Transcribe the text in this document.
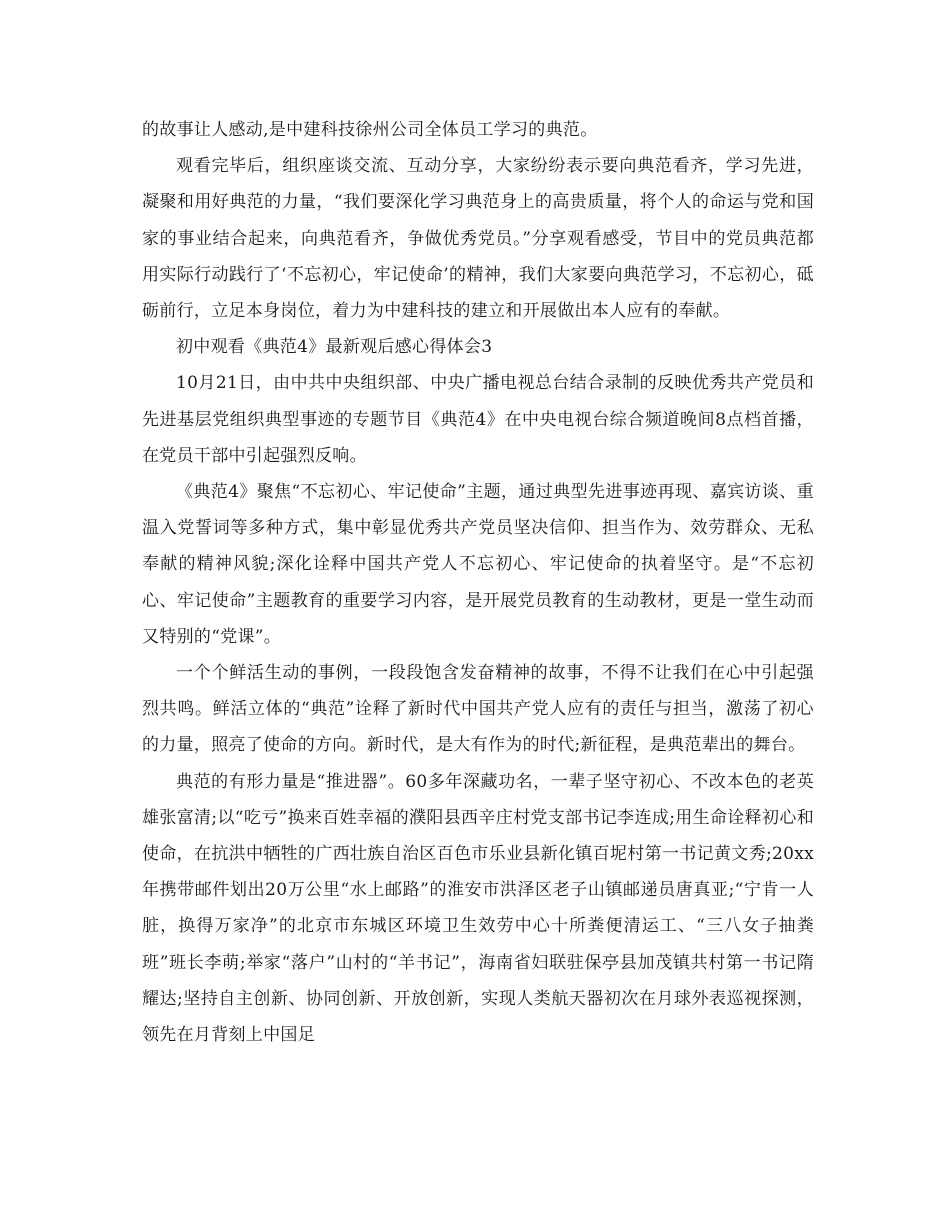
的故事让人感动,是中建科技徐州公司全体员工学习的典范。

观看完毕后，组织座谈交流、互动分享，大家纷纷表示要向典范看齐，学习先进，凝聚和用好典范的力量，“我们要深化学习典范身上的高贵质量，将个人的命运与党和国家的事业结合起来，向典范看齐，争做优秀党员。”分享观看感受，节目中的党员典范都用实际行动践行了‘不忘初心，牢记使命’的精神，我们大家要向典范学习，不忘初心，砥砺前行，立足本身岗位，着力为中建科技的建立和开展做出本人应有的奉献。

初中观看《典范4》最新观后感心得体会3

10月21日，由中共中央组织部、中央广播电视总台结合录制的反映优秀共产党员和先进基层党组织典型事迹的专题节目《典范4》在中央电视台综合频道晚间8点档首播，在党员干部中引起强烈反响。

《典范4》聚焦“不忘初心、牢记使命”主题，通过典型先进事迹再现、嘉宾访谈、重温入党誓词等多种方式，集中彰显优秀共产党员坚决信仰、担当作为、效劳群众、无私奉献的精神风貌;深化诠释中国共产党人不忘初心、牢记使命的执着坚守。是“不忘初心、牢记使命”主题教育的重要学习内容，是开展党员教育的生动教材，更是一堂生动而又特别的“党课”。

一个个鲜活生动的事例，一段段饱含发奋精神的故事，不得不让我们在心中引起强烈共鸣。鲜活立体的“典范”诠释了新时代中国共产党人应有的责任与担当，激荡了初心的力量，照亮了使命的方向。新时代，是大有作为的时代;新征程，是典范辈出的舞台。

典范的有形力量是“推进器”。60多年深藏功名，一辈子坚守初心、不改本色的老英雄张富清;以“吃亏”换来百姓幸福的濮阳县西辛庄村党支部书记李连成;用生命诠释初心和使命，在抗洪中牺牲的广西壮族自治区百色市乐业县新化镇百坭村第一书记黄文秀;20xx年携带邮件划出20万公里“水上邮路”的淮安市洪泽区老子山镇邮递员唐真亚;“宁肯一人脏，换得万家净”的北京市东城区环境卫生效劳中心十所粪便清运工、“三八女子抽粪班”班长李萌;举家“落户”山村的“羊书记”，海南省妇联驻保亭县加茂镇共村第一书记隋耀达;坚持自主创新、协同创新、开放创新，实现人类航天器初次在月球外表巡视探测，领先在月背刻上中国足
